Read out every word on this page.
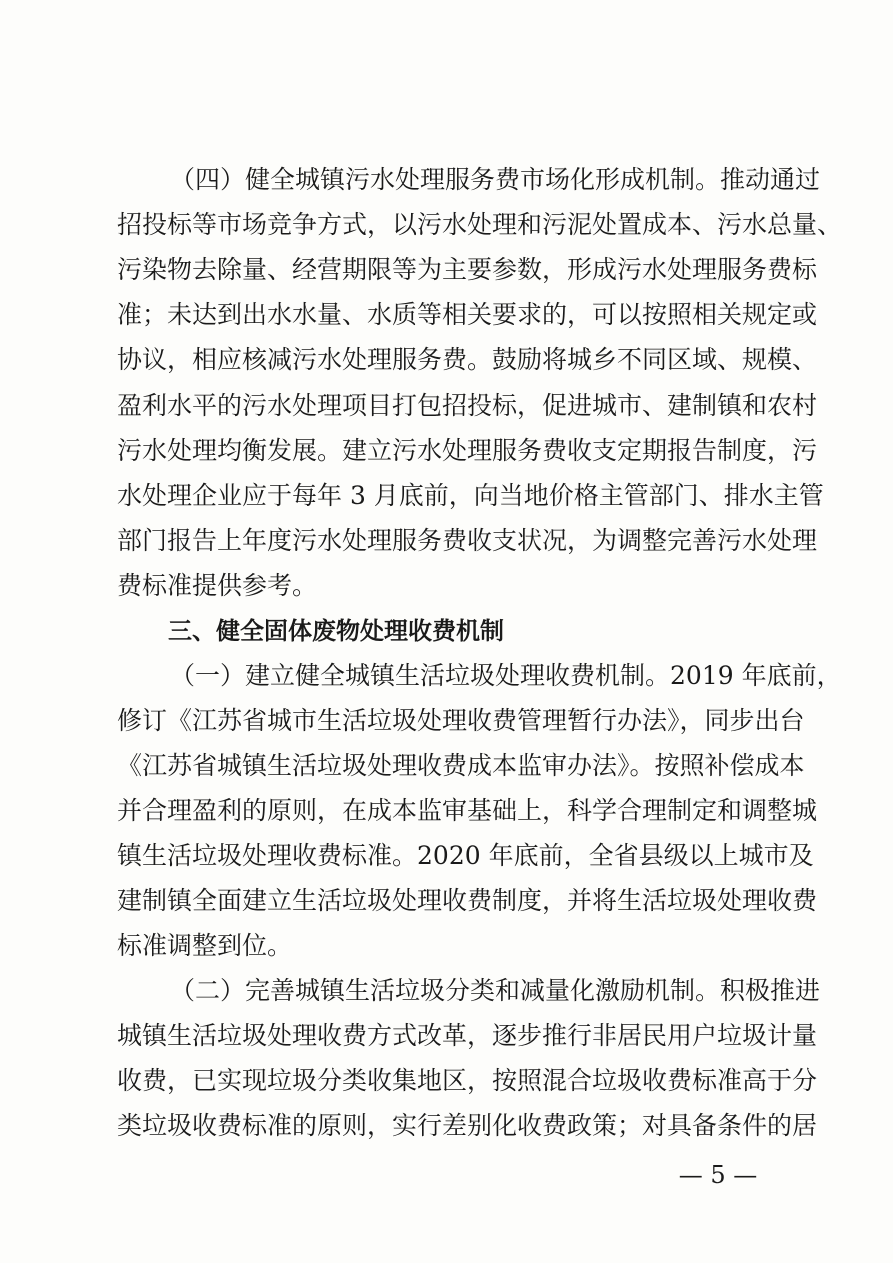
（四）健全城镇污水处理服务费市场化形成机制。推动通过
招投标等市场竞争方式，以污水处理和污泥处置成本、污水总量、
污染物去除量、经营期限等为主要参数，形成污水处理服务费标
准；未达到出水水量、水质等相关要求的，可以按照相关规定或
协议，相应核减污水处理服务费。鼓励将城乡不同区域、规模、
盈利水平的污水处理项目打包招投标，促进城市、建制镇和农村
污水处理均衡发展。建立污水处理服务费收支定期报告制度，污
水处理企业应于每年 3 月底前，向当地价格主管部门、排水主管
部门报告上年度污水处理服务费收支状况，为调整完善污水处理
费标准提供参考。
三、健全固体废物处理收费机制
（一）建立健全城镇生活垃圾处理收费机制。2019 年底前，
修订《江苏省城市生活垃圾处理收费管理暂行办法》，同步出台
《江苏省城镇生活垃圾处理收费成本监审办法》。按照补偿成本
并合理盈利的原则，在成本监审基础上，科学合理制定和调整城
镇生活垃圾处理收费标准。2020 年底前，全省县级以上城市及
建制镇全面建立生活垃圾处理收费制度，并将生活垃圾处理收费
标准调整到位。
（二）完善城镇生活垃圾分类和减量化激励机制。积极推进
城镇生活垃圾处理收费方式改革，逐步推行非居民用户垃圾计量
收费，已实现垃圾分类收集地区，按照混合垃圾收费标准高于分
类垃圾收费标准的原则，实行差别化收费政策；对具备条件的居
— 5 —
